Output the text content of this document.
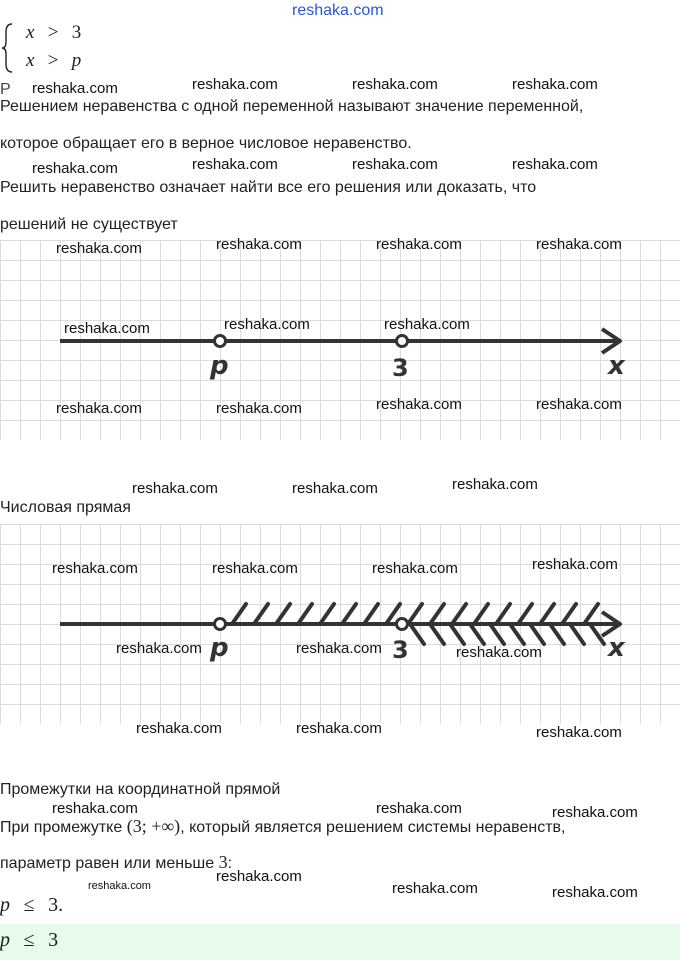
reshaka.com
x > 3
x > p
Р reshaka.com	reshaka.com	reshaka.com	reshaka.com
Решением неравенства с одной переменной называют значение переменной,
которое обращает его в верное числовое неравенство.
reshaka.com	reshaka.com	reshaka.com	reshaka.com
Решить неравенство означает найти все его решения или доказать, что
решений не существует
p	3	x
reshaka.com	reshaka.com	reshaka.com	reshaka.com
reshaka.com	reshaka.com	reshaka.com
reshaka.com	reshaka.com	reshaka.com	reshaka.com
reshaka.com	reshaka.com	reshaka.com
Числовая прямая
p	3	x
reshaka.com	reshaka.com	reshaka.com	reshaka.com
reshaka.com	reshaka.com	reshaka.com
reshaka.com	reshaka.com	reshaka.com
Промежутки на координатной прямой
reshaka.com	reshaka.com	reshaka.com
При промежутке (3; +∞), который является решением системы неравенств,
параметр равен или меньше 3:
reshaka.com
reshaka.com
reshaka.com	reshaka.com
p ≤ 3.
p ≤ 3
